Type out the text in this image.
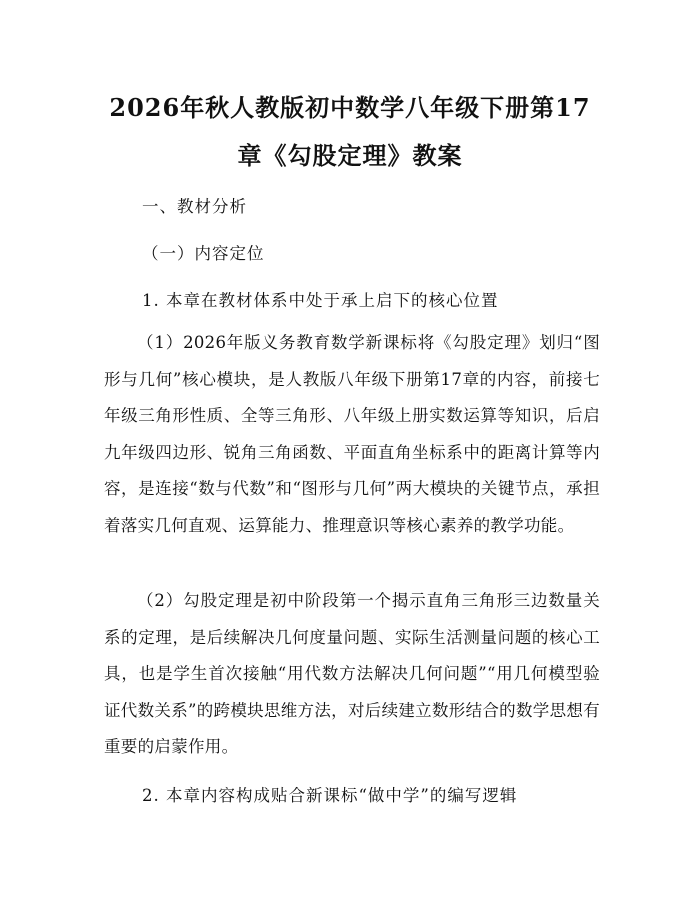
2026年秋人教版初中数学八年级下册第17
章《勾股定理》教案
一、教材分析
（一）内容定位
1. 本章在教材体系中处于承上启下的核心位置
（1）2026年版义务教育数学新课标将《勾股定理》划归“图形与几何”核心模块，是人教版八年级下册第17章的内容，前接七年级三角形性质、全等三角形、八年级上册实数运算等知识，后启九年级四边形、锐角三角函数、平面直角坐标系中的距离计算等内容，是连接“数与代数”和“图形与几何”两大模块的关键节点，承担着落实几何直观、运算能力、推理意识等核心素养的教学功能。
（2）勾股定理是初中阶段第一个揭示直角三角形三边数量关系的定理，是后续解决几何度量问题、实际生活测量问题的核心工具，也是学生首次接触“用代数方法解决几何问题”“用几何模型验证代数关系”的跨模块思维方法，对后续建立数形结合的数学思想有重要的启蒙作用。
2. 本章内容构成贴合新课标“做中学”的编写逻辑
